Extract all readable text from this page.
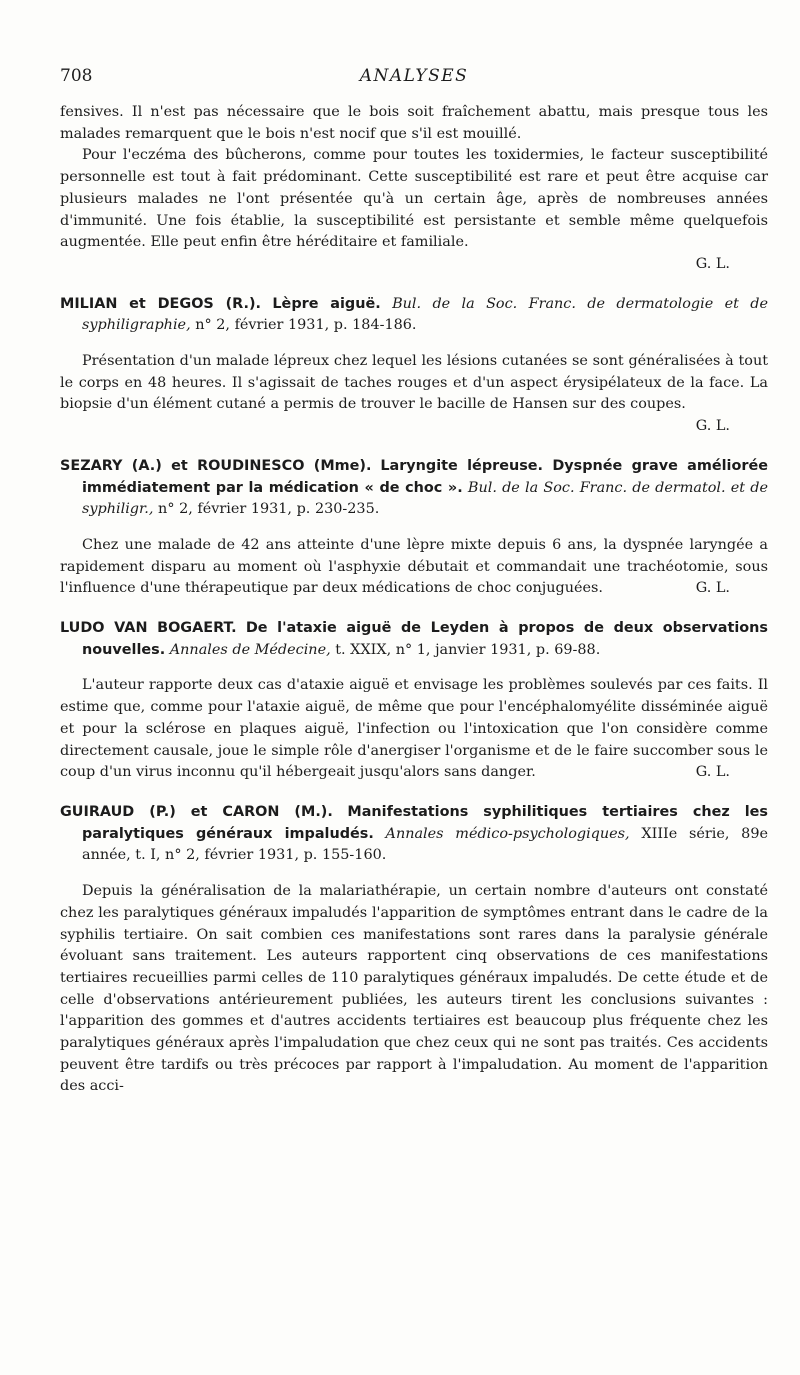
708	ANALYSES

fensives. Il n'est pas nécessaire que le bois soit fraîchement abattu, mais presque tous les malades remarquent que le bois n'est nocif que s'il est mouillé.

Pour l'eczéma des bûcherons, comme pour toutes les toxidermies, le facteur susceptibilité personnelle est tout à fait prédominant. Cette susceptibilité est rare et peut être acquise car plusieurs malades ne l'ont présentée qu'à un certain âge, après de nombreuses années d'immunité. Une fois établie, la susceptibilité est persistante et semble même quelquefois augmentée. Elle peut enfin être héréditaire et familiale.

G. L.

MILIAN et DEGOS (R.). Lèpre aiguë. Bul. de la Soc. Franc. de dermatologie et de syphiligraphie, n° 2, février 1931, p. 184-186.

Présentation d'un malade lépreux chez lequel les lésions cutanées se sont généralisées à tout le corps en 48 heures. Il s'agissait de taches rouges et d'un aspect érysipélateux de la face. La biopsie d'un élément cutané a permis de trouver le bacille de Hansen sur des coupes.
G. L.

SEZARY (A.) et ROUDINESCO (Mme). Laryngite lépreuse. Dyspnée grave améliorée immédiatement par la médication « de choc ». Bul. de la Soc. Franc. de dermatol. et de syphiligr., n° 2, février 1931, p. 230-235.

Chez une malade de 42 ans atteinte d'une lèpre mixte depuis 6 ans, la dyspnée laryngée a rapidement disparu au moment où l'asphyxie débutait et commandait une trachéotomie, sous l'influence d'une thérapeutique par deux médications de choc conjuguées.	G. L.

LUDO VAN BOGAERT. De l'ataxie aiguë de Leyden à propos de deux observations nouvelles. Annales de Médecine, t. XXIX, n° 1, janvier 1931, p. 69-88.

L'auteur rapporte deux cas d'ataxie aiguë et envisage les problèmes soulevés par ces faits. Il estime que, comme pour l'ataxie aiguë, de même que pour l'encéphalomyélite disséminée aiguë et pour la sclérose en plaques aiguë, l'infection ou l'intoxication que l'on considère comme directement causale, joue le simple rôle d'anergiser l'organisme et de le faire succomber sous le coup d'un virus inconnu qu'il hébergeait jusqu'alors sans danger.	G. L.

GUIRAUD (P.) et CARON (M.). Manifestations syphilitiques tertiaires chez les paralytiques généraux impaludés. Annales médico-psychologiques, XIIIe série, 89e année, t. I, n° 2, février 1931, p. 155-160.

Depuis la généralisation de la malariathérapie, un certain nombre d'auteurs ont constaté chez les paralytiques généraux impaludés l'apparition de symptômes entrant dans le cadre de la syphilis tertiaire. On sait combien ces manifestations sont rares dans la paralysie générale évoluant sans traitement. Les auteurs rapportent cinq observations de ces manifestations tertiaires recueillies parmi celles de 110 paralytiques généraux impaludés. De cette étude et de celle d'observations antérieurement publiées, les auteurs tirent les conclusions suivantes : l'apparition des gommes et d'autres accidents tertiaires est beaucoup plus fréquente chez les paralytiques généraux après l'impaludation que chez ceux qui ne sont pas traités. Ces accidents peuvent être tardifs ou très précoces par rapport à l'impaludation. Au moment de l'apparition des acci-
